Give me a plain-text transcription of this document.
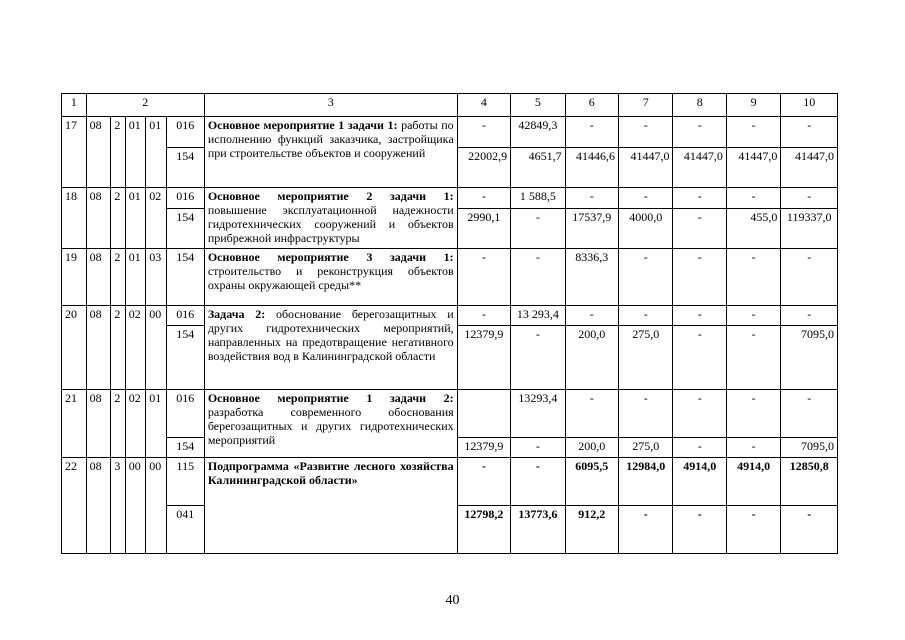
1	2					3	4	5	6	7	8	9	10
17	08	2	01	01	016	Основное мероприятие 1 задачи 1: работы по исполнению функций заказчика, застройщика при строительстве объектов и сооружений	-	42849,3	-	-	-	-	-
					154		22002,9	4651,7	41446,6	41447,0	41447,0	41447,0	41447,0
18	08	2	01	02	016	Основное мероприятие 2 задачи 1: повышение эксплуатационной надежности гидротехнических сооружений и объектов прибрежной инфраструктуры	-	1 588,5	-	-	-	-	-
					154		2990,1	-	17537,9	4000,0	-	455,0	119337,0
19	08	2	01	03	154	Основное мероприятие 3 задачи 1: строительство и реконструкция объектов охраны окружающей среды**	-	-	8336,3	-	-	-	-
20	08	2	02	00	016	Задача 2: обоснование берегозащитных и других гидротехнических мероприятий, направленных на предотвращение негативного воздействия вод в Калининградской области	-	13 293,4	-	-	-	-	-
					154		12379,9	-	200,0	275,0	-	-	7095,0
21	08	2	02	01	016	Основное мероприятие 1 задачи 2: разработка современного обоснования берегозащитных и других гидротехнических мероприятий		13293,4	-	-	-	-	-
					154		12379,9	-	200,0	275,0	-	-	7095,0
22	08	3	00	00	115	Подпрограмма «Развитие лесного хозяйства Калининградской области»	-	-	6095,5	12984,0	4914,0	4914,0	12850,8
					041		12798,2	13773,6	912,2	-	-	-	-
40
